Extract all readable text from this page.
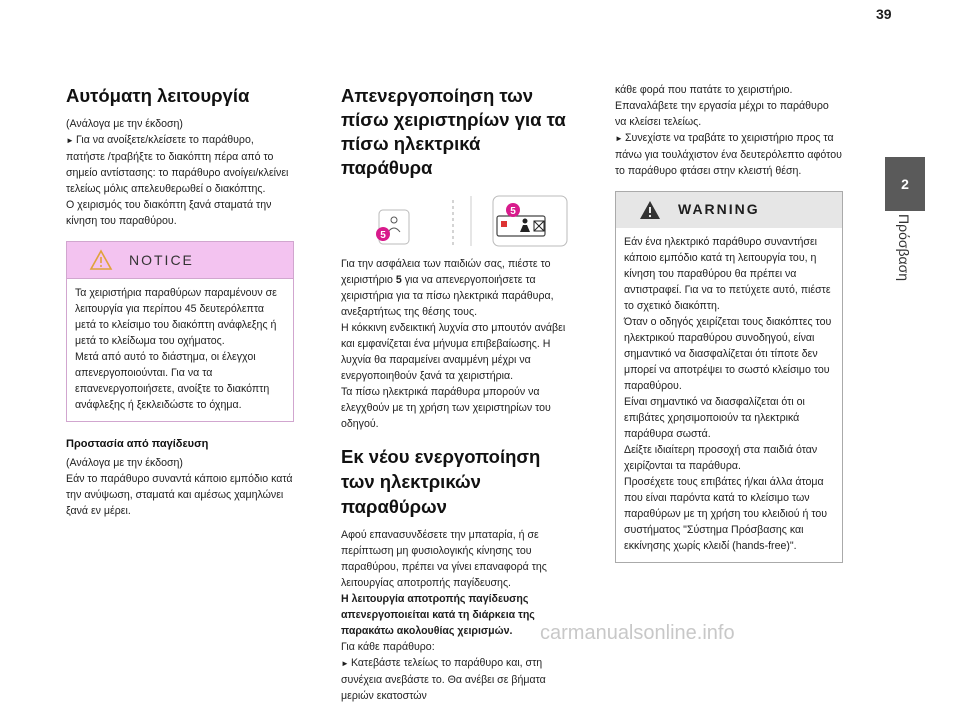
39
2
Πρόσβαση
Αυτόματη λειτουργία

(Ανάλογα με την έκδοση)

► Για να ανοίξετε/κλείσετε το παράθυρο, πατήστε /τραβήξτε το διακόπτη πέρα από το σημείο αντίστασης: το παράθυρο ανοίγει/κλείνει τελείως μόλις απελευθερωθεί ο διακόπτης.

Ο χειρισμός του διακόπτη ξανά σταματά την κίνηση του παραθύρου.

NOTICE

Τα χειριστήρια παραθύρων παραμένουν σε λειτουργία για περίπου 45 δευτερόλεπτα μετά το κλείσιμο του διακόπτη ανάφλεξης ή μετά το κλείδωμα του οχήματος.

Μετά από αυτό το διάστημα, οι έλεγχοι απενεργοποιούνται. Για να τα επανενεργοποιήσετε, ανοίξτε το διακόπτη ανάφλεξης ή ξεκλειδώστε το όχημα.

Προστασία από παγίδευση

(Ανάλογα με την έκδοση)

Εάν το παράθυρο συναντά κάποιο εμπόδιο κατά την ανύψωση, σταματά και αμέσως χαμηλώνει ξανά εν μέρει.

Απενεργοποίηση των πίσω χειριστηρίων για τα πίσω ηλεκτρικά παράθυρα
5
5

Για την ασφάλεια των παιδιών σας, πιέστε το χειριστήριο 5 για να απενεργοποιήσετε τα χειριστήρια για τα πίσω ηλεκτρικά παράθυρα, ανεξαρτήτως της θέσης τους.

Η κόκκινη ενδεικτική λυχνία στο μπουτόν ανάβει και εμφανίζεται ένα μήνυμα επιβεβαίωσης. Η λυχνία θα παραμείνει αναμμένη μέχρι να ενεργοποιηθούν ξανά τα χειριστήρια.

Τα πίσω ηλεκτρικά παράθυρα μπορούν να ελεγχθούν με τη χρήση των χειριστηρίων του οδηγού.

Εκ νέου ενεργοποίηση των ηλεκτρικών παραθύρων

Αφού επανασυνδέσετε την μπαταρία, ή σε περίπτωση μη φυσιολογικής κίνησης του παραθύρου, πρέπει να γίνει επαναφορά της λειτουργίας αποτροπής παγίδευσης.

Η λειτουργία αποτροπής παγίδευσης απενεργοποιείται κατά τη διάρκεια της παρακάτω ακολουθίας χειρισμών.

Για κάθε παράθυρο:

► Κατεβάστε τελείως το παράθυρο και, στη συνέχεια ανεβάστε το. Θα ανέβει σε βήματα μεριών εκατοστών

κάθε φορά που πατάτε το χειριστήριο. Επαναλάβετε την εργασία μέχρι το παράθυρο να κλείσει τελείως.

► Συνεχίστε να τραβάτε το χειριστήριο προς τα πάνω για τουλάχιστον ένα δευτερόλεπτο αφότου το παράθυρο φτάσει στην κλειστή θέση.

WARNING

Εάν ένα ηλεκτρικό παράθυρο συναντήσει κάποιο εμπόδιο κατά τη λειτουργία του, η κίνηση του παραθύρου θα πρέπει να αντιστραφεί. Για να το πετύχετε αυτό, πιέστε το σχετικό διακόπτη.

Όταν ο οδηγός χειρίζεται τους διακόπτες του ηλεκτρικού παραθύρου συνοδηγού, είναι σημαντικό να διασφαλίζεται ότι τίποτε δεν μπορεί να αποτρέψει το σωστό κλείσιμο του παραθύρου.

Είναι σημαντικό να διασφαλίζεται ότι οι επιβάτες χρησιμοποιούν τα ηλεκτρικά παράθυρα σωστά.

Δείξτε ιδιαίτερη προσοχή στα παιδιά όταν χειρίζονται τα παράθυρα.

Προσέχετε τους επιβάτες ή/και άλλα άτομα που είναι παρόντα κατά το κλείσιμο των παραθύρων με τη χρήση του κλειδιού ή του συστήματος "Σύστημα Πρόσβασης και εκκίνησης χωρίς κλειδί (hands-free)".

carmanualsonline.info
